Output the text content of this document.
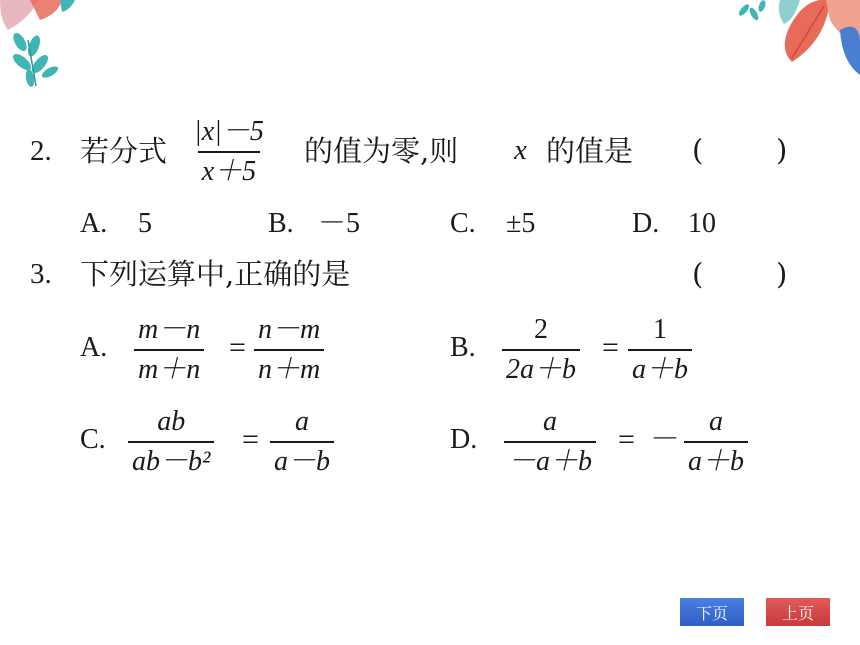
2. 若分式 $\frac{|x|-5}{x+5}$ 的值为零,则 x 的值是 (	)
A. 5	B. －5	C. ±5	D. 10
3. 下列运算中,正确的是	(	)
A. $\frac{m-n}{m+n} = \frac{n-m}{n+m}$	B. $\frac{2}{2a+b} = \frac{1}{a+b}$
C. $\frac{ab}{\text{ab－b²}} = \frac{a}{a-b}$	D. $\frac{a}{-a+b}$ = － $\frac{a}{a+b}$
下页	上页
